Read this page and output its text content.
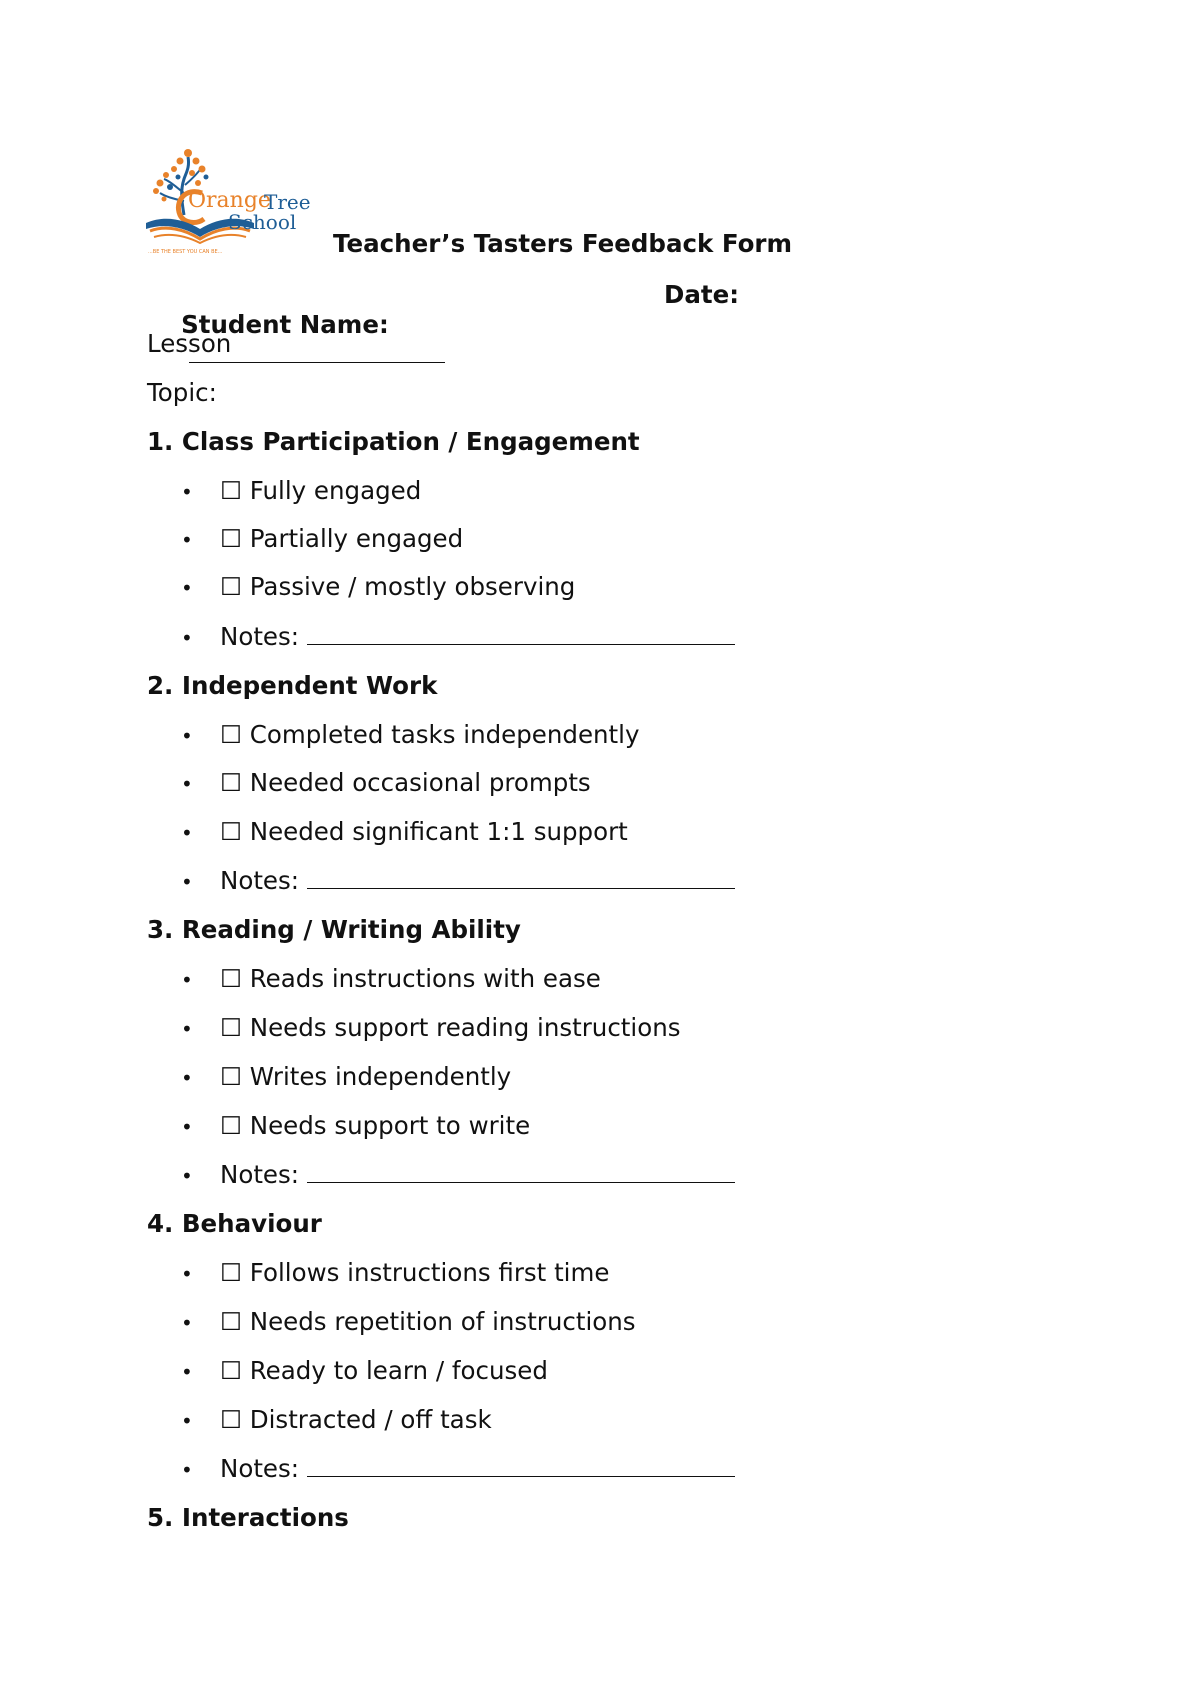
Orange
Tree
School
...BE THE BEST YOU CAN BE...	Teacher’s Tasters Feedback Form

Student Name:

Date:
Lesson
Topic:
1. Class Participation / Engagement
• ☐ Fully engaged
• ☐ Partially engaged
• ☐ Passive / mostly observing
• Notes:
2. Independent Work
• ☐ Completed tasks independently
• ☐ Needed occasional prompts
• ☐ Needed significant 1:1 support
• Notes:
3. Reading / Writing Ability
• ☐ Reads instructions with ease
• ☐ Needs support reading instructions
• ☐ Writes independently
• ☐ Needs support to write
• Notes:
4. Behaviour
• ☐ Follows instructions first time
• ☐ Needs repetition of instructions
• ☐ Ready to learn / focused
• ☐ Distracted / off task
• Notes:
5. Interactions
